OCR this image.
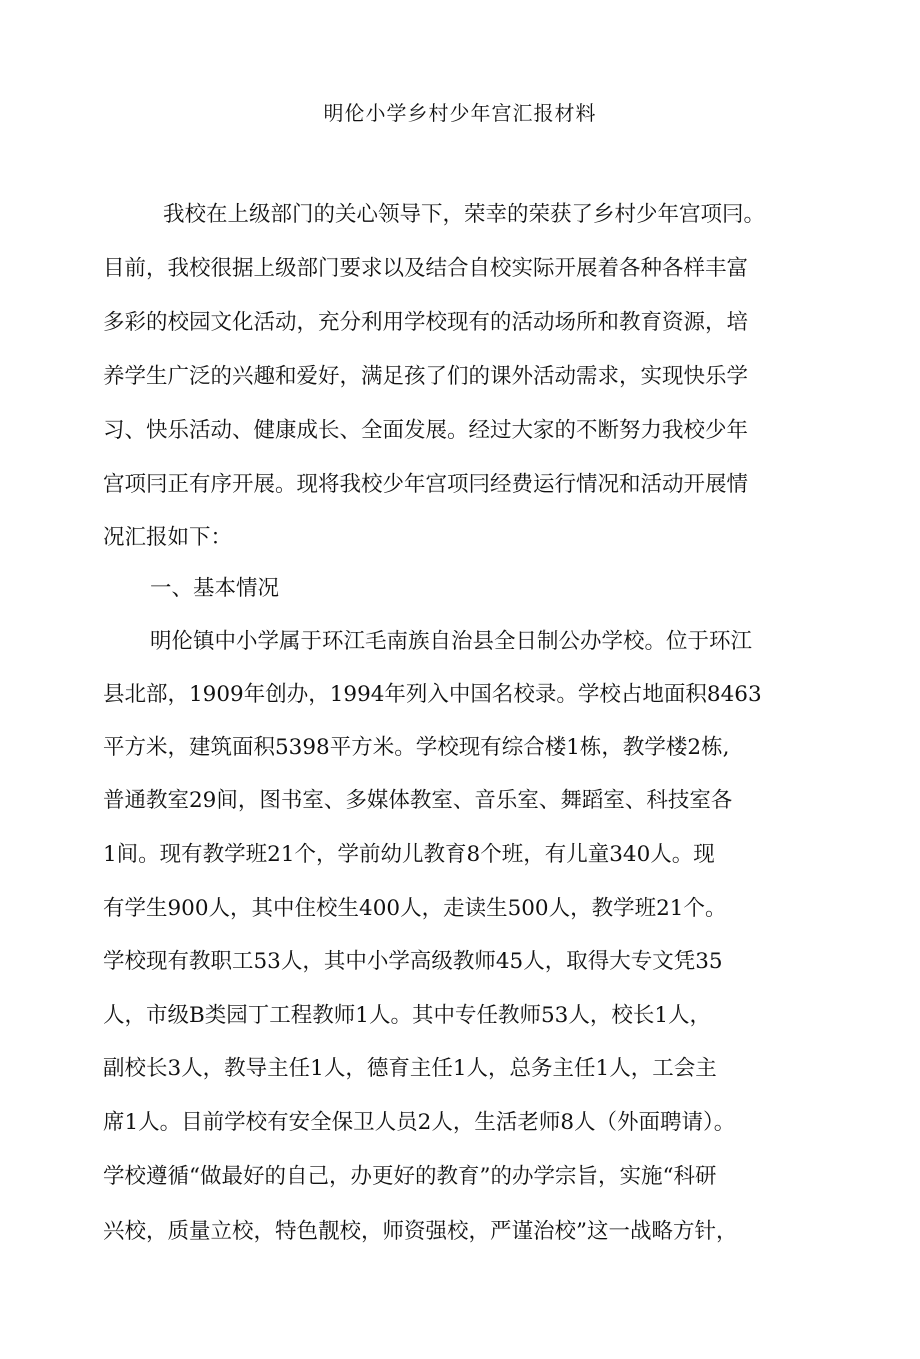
明伦小学乡村少年宫汇报材料
我校在上级部门的关心领导下，荣幸的荣获了乡村少年宫项冃。
目前，我校很据上级部门要求以及结合自校实际开展着各种各样丰富
多彩的校园文化活动，充分利用学校现有的活动场所和教育资源，培
养学生广泛的兴趣和爱好，满足孩了们的课外活动需求，实现快乐学
习、快乐活动、健康成长、全面发展。经过大家的不断努力我校少年
宫项冃正有序开展。现将我校少年宫项冃经费运行情况和活动开展情
况汇报如下：
一、基本情况
明伦镇中小学属于环江毛南族自治县全日制公办学校。位于环江
县北部，1909年创办，1994年列入中国名校录。学校占地面积8463
平方米，建筑面积5398平方米。学校现有综合楼1栋，教学楼2栋,
普通教室29间，图书室、多媒体教室、音乐室、舞蹈室、科技室各
1间。现有教学班21个，学前幼儿教育8个班，有儿童340人。现
有学生900人，其中住校生400人，走读生500人，教学班21个。
学校现有教职工53人，其中小学高级教师45人，取得大专文凭35
人，市级B类园丁工程教师1人。其中专任教师53人，校长1人，
副校长3人，教导主任1人，德育主任1人，总务主任1人，工会主
席1人。目前学校有安全保卫人员2人，生活老师8人（外面聘请）。
学校遵循“做最好的自己，办更好的教育”的办学宗旨，实施“科研
兴校，质量立校，特色靓校，师资强校，严谨治校”这一战略方针，
